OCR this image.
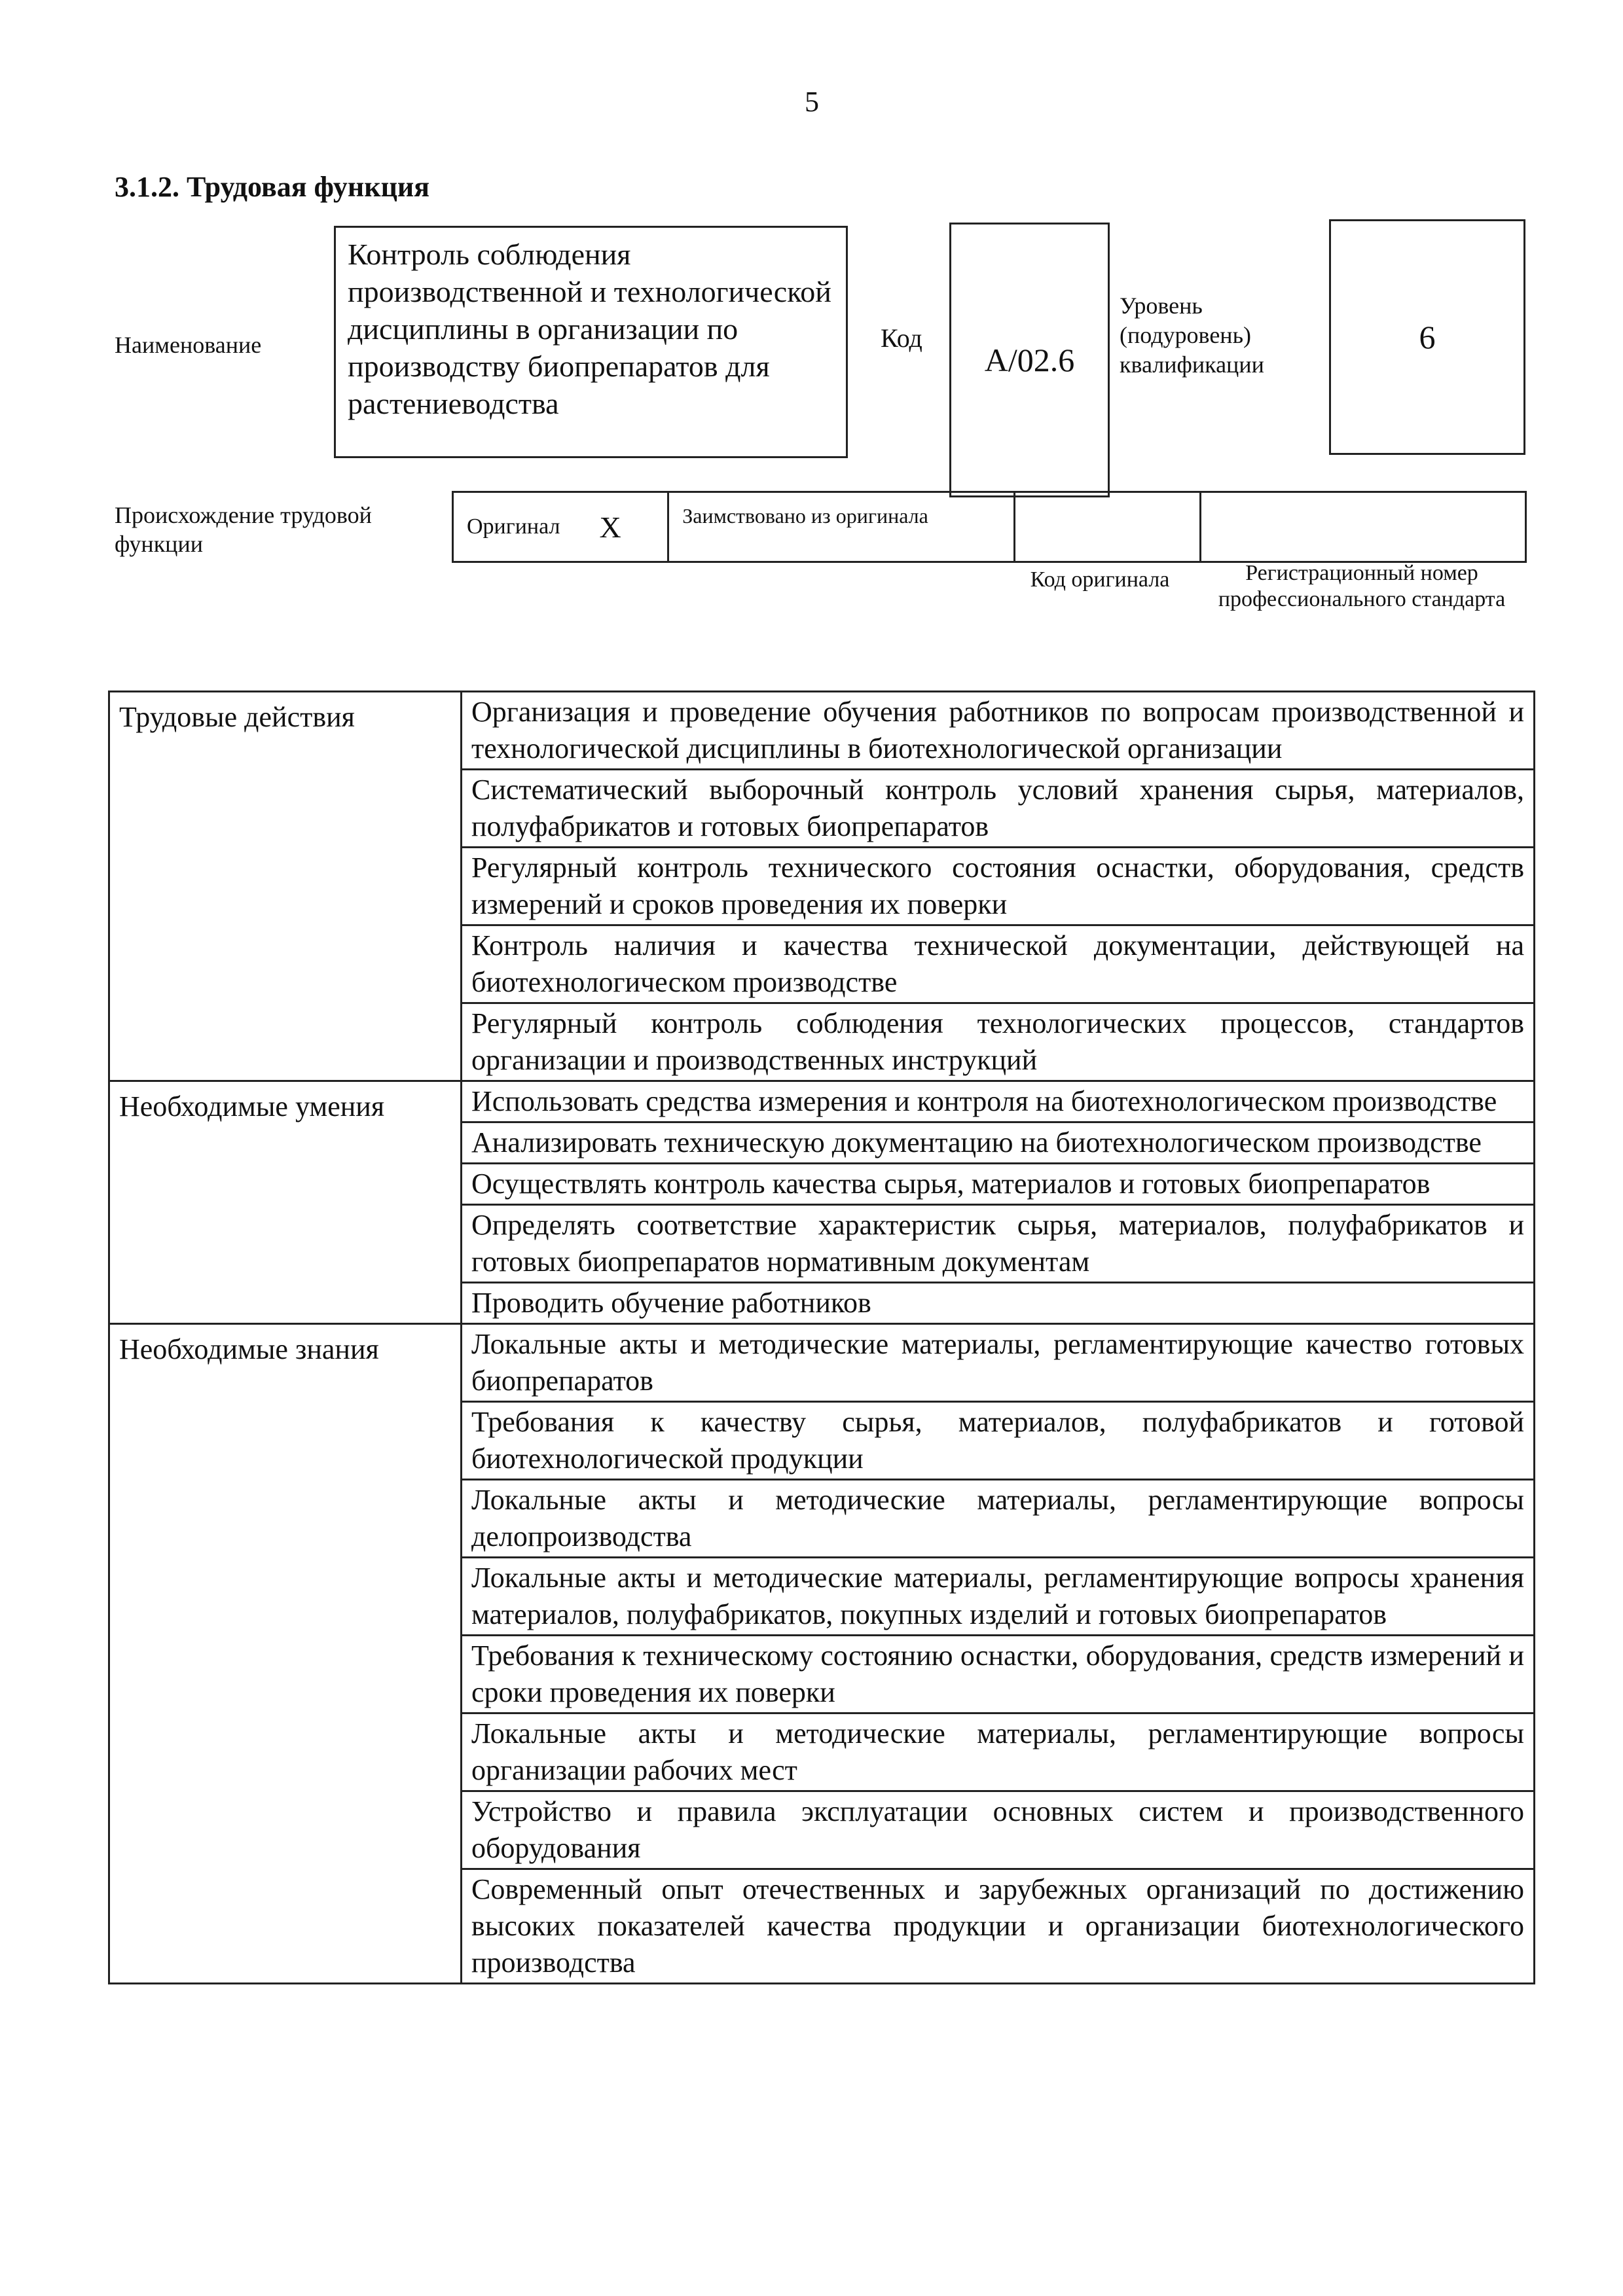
5
3.1.2. Трудовая функция
Наименование
Контроль соблюдения производственной и технологической дисциплины в организации по производству биопрепаратов для растениеводства
Код
А/02.6
Уровень (подуровень) квалификации
6
Происхождение трудовой функции
Оригинал X	Заимствовано из оригинала
Код оригинала	Регистрационный номер профессионального стандарта
Трудовые действия	Организация и проведение обучения работников по вопросам производственной и технологической дисциплины в биотехнологической организации
	Систематический выборочный контроль условий хранения сырья, материалов, полуфабрикатов и готовых биопрепаратов
	Регулярный контроль технического состояния оснастки, оборудования, средств измерений и сроков проведения их поверки
	Контроль наличия и качества технической документации, действующей на биотехнологическом производстве
	Регулярный контроль соблюдения технологических процессов, стандартов организации и производственных инструкций
Необходимые умения	Использовать средства измерения и контроля на биотехнологическом производстве
	Анализировать техническую документацию на биотехнологическом производстве
	Осуществлять контроль качества сырья, материалов и готовых биопрепаратов
	Определять соответствие характеристик сырья, материалов, полуфабрикатов и готовых биопрепаратов нормативным документам
	Проводить обучение работников
Необходимые знания	Локальные акты и методические материалы, регламентирующие качество готовых биопрепаратов
	Требования к качеству сырья, материалов, полуфабрикатов и готовой биотехнологической продукции
	Локальные акты и методические материалы, регламентирующие вопросы делопроизводства
	Локальные акты и методические материалы, регламентирующие вопросы хранения материалов, полуфабрикатов, покупных изделий и готовых биопрепаратов
	Требования к техническому состоянию оснастки, оборудования, средств измерений и сроки проведения их поверки
	Локальные акты и методические материалы, регламентирующие вопросы организации рабочих мест
	Устройство и правила эксплуатации основных систем и производственного оборудования
	Современный опыт отечественных и зарубежных организаций по достижению высоких показателей качества продукции и организации биотехнологического производства
